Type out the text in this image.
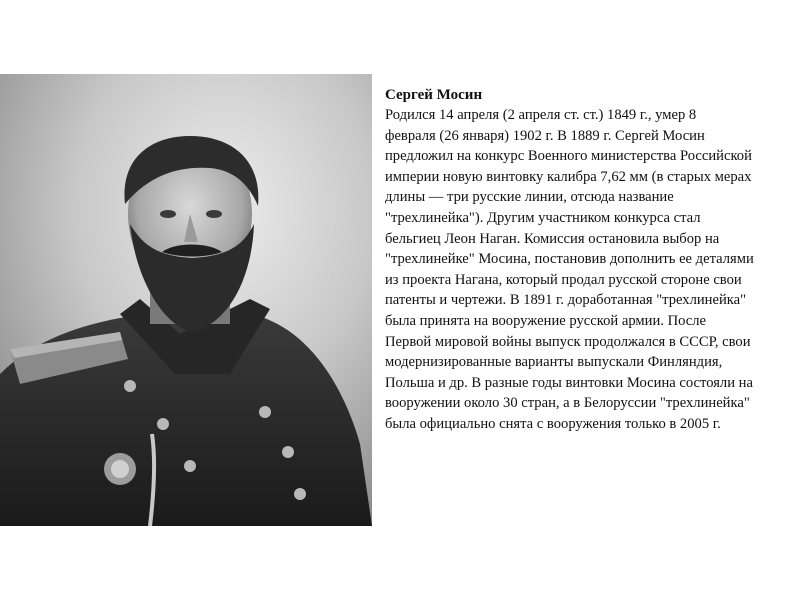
Сергей Мосин

Родился 14 апреля (2 апреля ст. ст.) 1849 г., умер 8
февраля (26 января) 1902 г. В 1889 г. Сергей Мосин
предложил на конкурс Военного министерства Российской
империи новую винтовку калибра 7,62 мм (в старых мерах
длины — три русские линии, отсюда название
"трехлинейка"). Другим участником конкурса стал
бельгиец Леон Наган. Комиссия остановила выбор на
"трехлинейке" Мосина, постановив дополнить ее деталями
из проекта Нагана, который продал русской стороне свои
патенты и чертежи. В 1891 г. доработанная "трехлинейка"
была принята на вооружение русской армии. После
Первой мировой войны выпуск продолжался в СССР, свои
модернизированные варианты выпускали Финляндия,
Польша и др. В разные годы винтовки Мосина состояли на
вооружении около 30 стран, а в Белоруссии "трехлинейка"
была официально снята с вооружения только в 2005 г.
